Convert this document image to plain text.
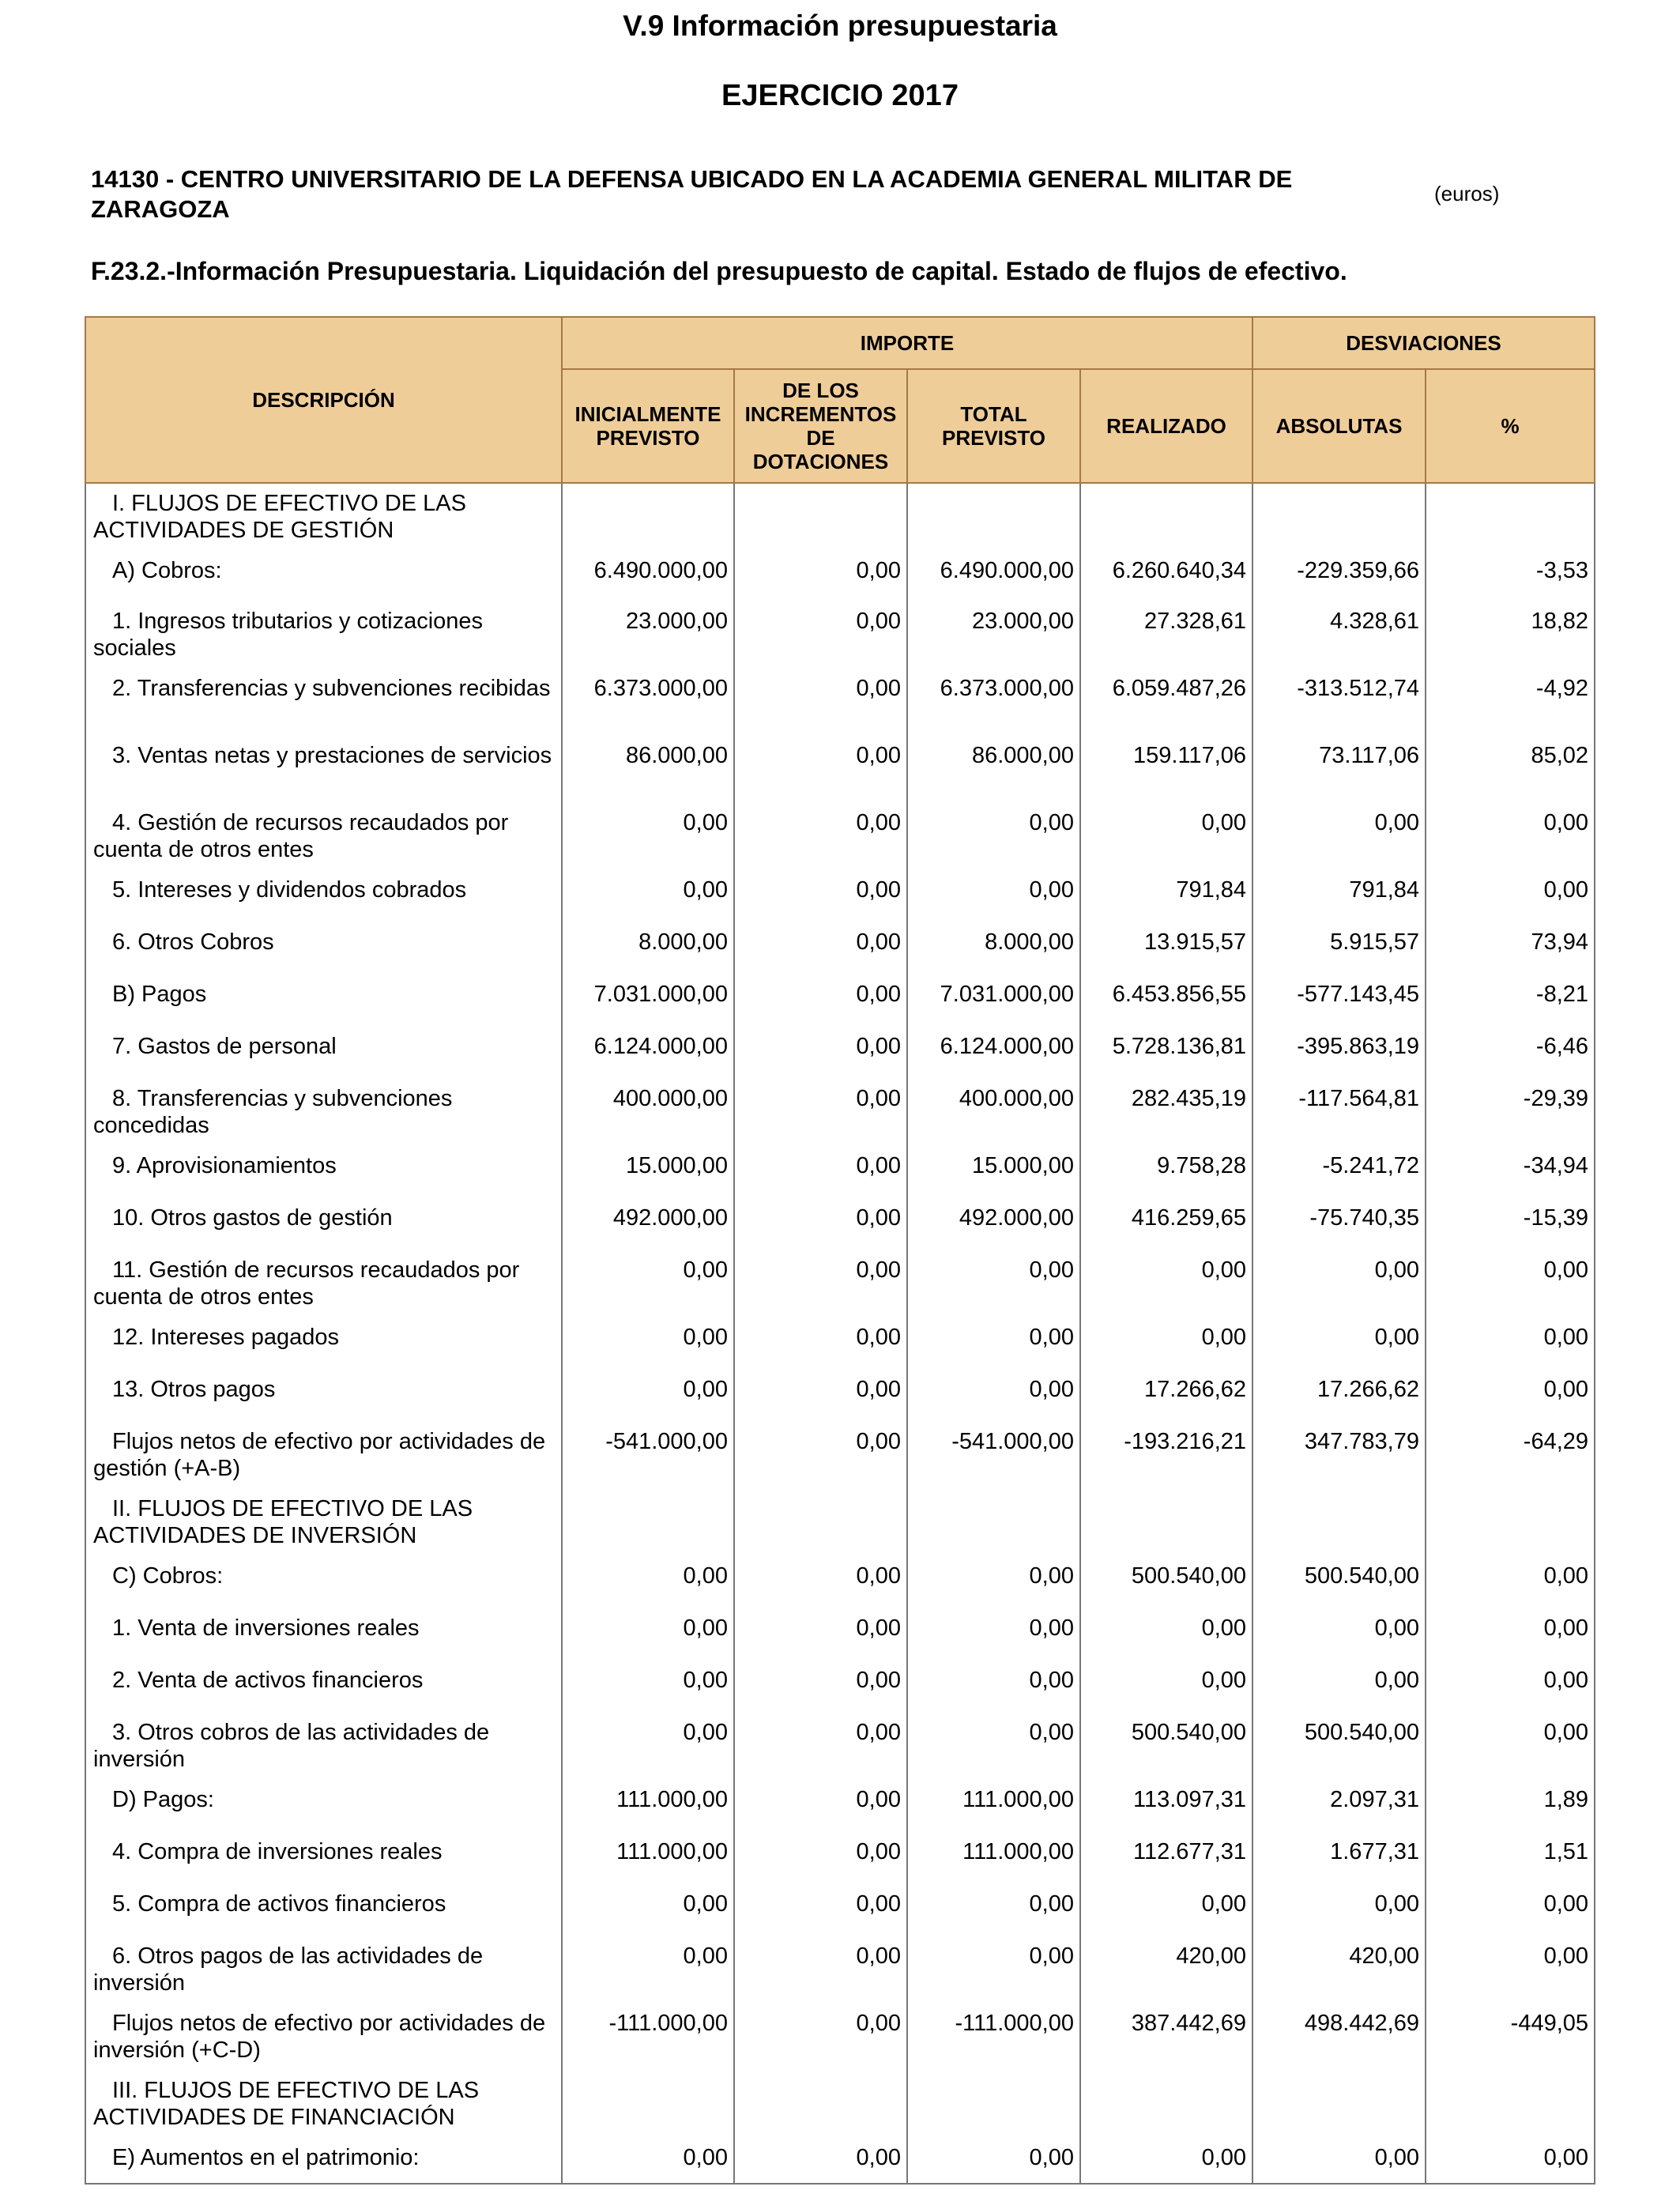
V.9 Información presupuestaria
EJERCICIO 2017
14130 - CENTRO UNIVERSITARIO DE LA DEFENSA UBICADO EN LA ACADEMIA GENERAL MILITAR DE ZARAGOZA
(euros)
F.23.2.-Información Presupuestaria. Liquidación del presupuesto de capital. Estado de flujos de efectivo.
DESCRIPCIÓN	IMPORTE				DESVIACIONES	
	INICIALMENTE PREVISTO	DE LOS INCREMENTOS DE DOTACIONES	TOTAL PREVISTO	REALIZADO	ABSOLUTAS	%
I. FLUJOS DE EFECTIVO DE LAS ACTIVIDADES DE GESTIÓN						
A) Cobros:	6.490.000,00	0,00	6.490.000,00	6.260.640,34	-229.359,66	-3,53
1. Ingresos tributarios y cotizaciones sociales	23.000,00	0,00	23.000,00	27.328,61	4.328,61	18,82
2. Transferencias y subvenciones recibidas	6.373.000,00	0,00	6.373.000,00	6.059.487,26	-313.512,74	-4,92
3. Ventas netas y prestaciones de servicios	86.000,00	0,00	86.000,00	159.117,06	73.117,06	85,02
4. Gestión de recursos recaudados por cuenta de otros entes	0,00	0,00	0,00	0,00	0,00	0,00
5. Intereses y dividendos cobrados	0,00	0,00	0,00	791,84	791,84	0,00
6. Otros Cobros	8.000,00	0,00	8.000,00	13.915,57	5.915,57	73,94
B) Pagos	7.031.000,00	0,00	7.031.000,00	6.453.856,55	-577.143,45	-8,21
7. Gastos de personal	6.124.000,00	0,00	6.124.000,00	5.728.136,81	-395.863,19	-6,46
8. Transferencias y subvenciones concedidas	400.000,00	0,00	400.000,00	282.435,19	-117.564,81	-29,39
9. Aprovisionamientos	15.000,00	0,00	15.000,00	9.758,28	-5.241,72	-34,94
10. Otros gastos de gestión	492.000,00	0,00	492.000,00	416.259,65	-75.740,35	-15,39
11. Gestión de recursos recaudados por cuenta de otros entes	0,00	0,00	0,00	0,00	0,00	0,00
12. Intereses pagados	0,00	0,00	0,00	0,00	0,00	0,00
13. Otros pagos	0,00	0,00	0,00	17.266,62	17.266,62	0,00
Flujos netos de efectivo por actividades de gestión (+A-B)	-541.000,00	0,00	-541.000,00	-193.216,21	347.783,79	-64,29
II. FLUJOS DE EFECTIVO DE LAS ACTIVIDADES DE INVERSIÓN						
C) Cobros:	0,00	0,00	0,00	500.540,00	500.540,00	0,00
1. Venta de inversiones reales	0,00	0,00	0,00	0,00	0,00	0,00
2. Venta de activos financieros	0,00	0,00	0,00	0,00	0,00	0,00
3. Otros cobros de las actividades de inversión	0,00	0,00	0,00	500.540,00	500.540,00	0,00
D) Pagos:	111.000,00	0,00	111.000,00	113.097,31	2.097,31	1,89
4. Compra de inversiones reales	111.000,00	0,00	111.000,00	112.677,31	1.677,31	1,51
5. Compra de activos financieros	0,00	0,00	0,00	0,00	0,00	0,00
6. Otros pagos de las actividades de inversión	0,00	0,00	0,00	420,00	420,00	0,00
Flujos netos de efectivo por actividades de inversión (+C-D)	-111.000,00	0,00	-111.000,00	387.442,69	498.442,69	-449,05
III. FLUJOS DE EFECTIVO DE LAS ACTIVIDADES DE FINANCIACIÓN						
E) Aumentos en el patrimonio:	0,00	0,00	0,00	0,00	0,00	0,00
